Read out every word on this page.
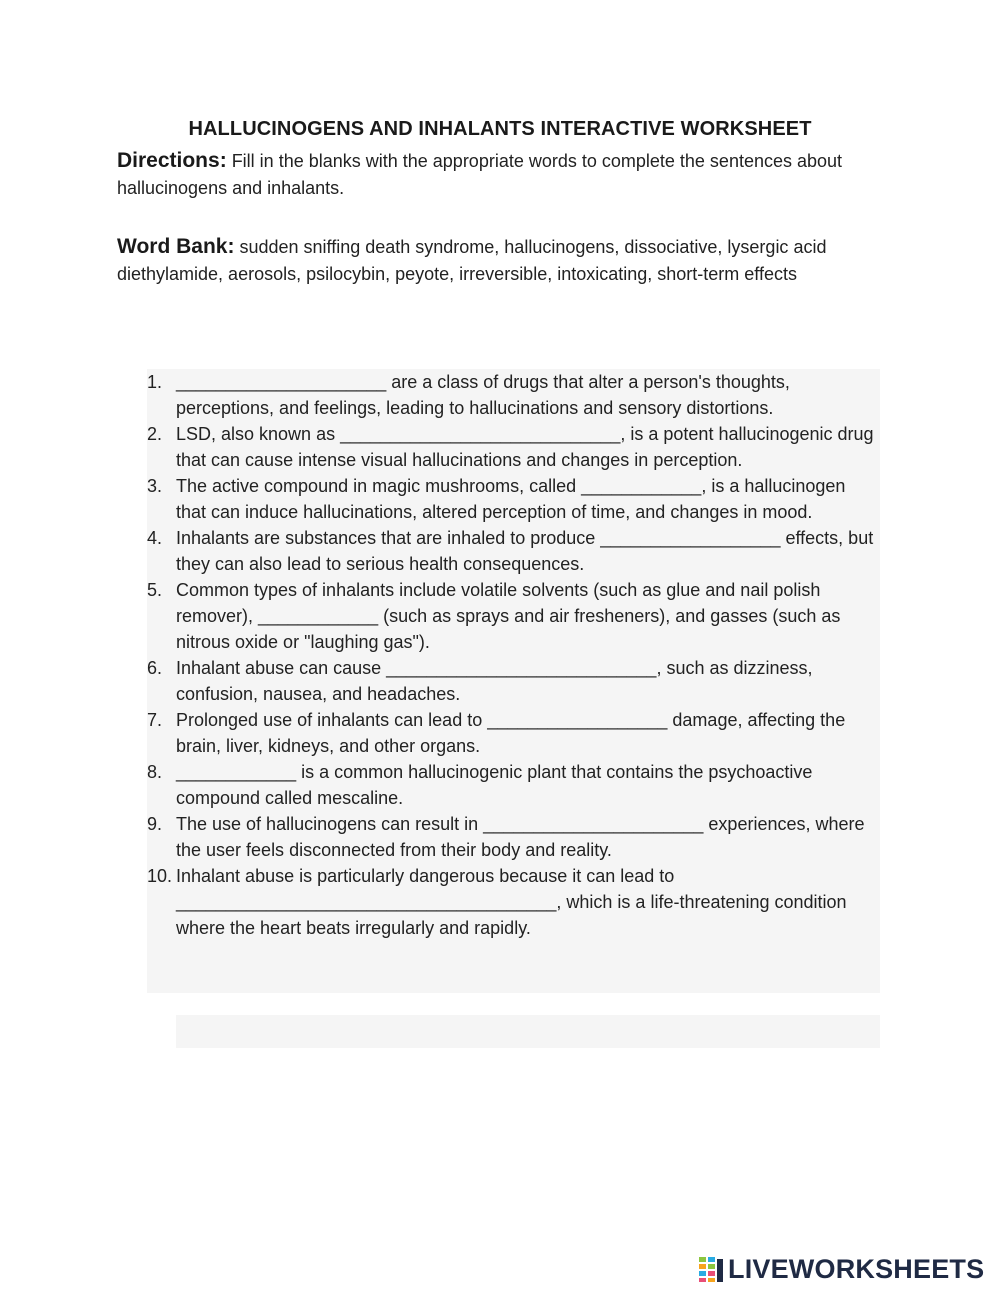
HALLUCINOGENS AND INHALANTS INTERACTIVE WORKSHEET
Directions: Fill in the blanks with the appropriate words to complete the sentences about hallucinogens and inhalants.
Word Bank: sudden sniffing death syndrome, hallucinogens, dissociative, lysergic acid diethylamide, aerosols, psilocybin, peyote, irreversible, intoxicating, short-term effects
1. _____________________ are a class of drugs that alter a person's thoughts, perceptions, and feelings, leading to hallucinations and sensory distortions.
2. LSD, also known as ____________________________, is a potent hallucinogenic drug that can cause intense visual hallucinations and changes in perception.
3. The active compound in magic mushrooms, called ____________, is a hallucinogen that can induce hallucinations, altered perception of time, and changes in mood.
4. Inhalants are substances that are inhaled to produce __________________ effects, but they can also lead to serious health consequences.
5. Common types of inhalants include volatile solvents (such as glue and nail polish remover), ____________ (such as sprays and air fresheners), and gasses (such as nitrous oxide or "laughing gas").
6. Inhalant abuse can cause ___________________________, such as dizziness, confusion, nausea, and headaches.
7. Prolonged use of inhalants can lead to __________________ damage, affecting the brain, liver, kidneys, and other organs.
8. ____________ is a common hallucinogenic plant that contains the psychoactive compound called mescaline.
9. The use of hallucinogens can result in ______________________ experiences, where the user feels disconnected from their body and reality.
10. Inhalant abuse is particularly dangerous because it can lead to ______________________________________, which is a life-threatening condition where the heart beats irregularly and rapidly.
LIVEWORKSHEETS
